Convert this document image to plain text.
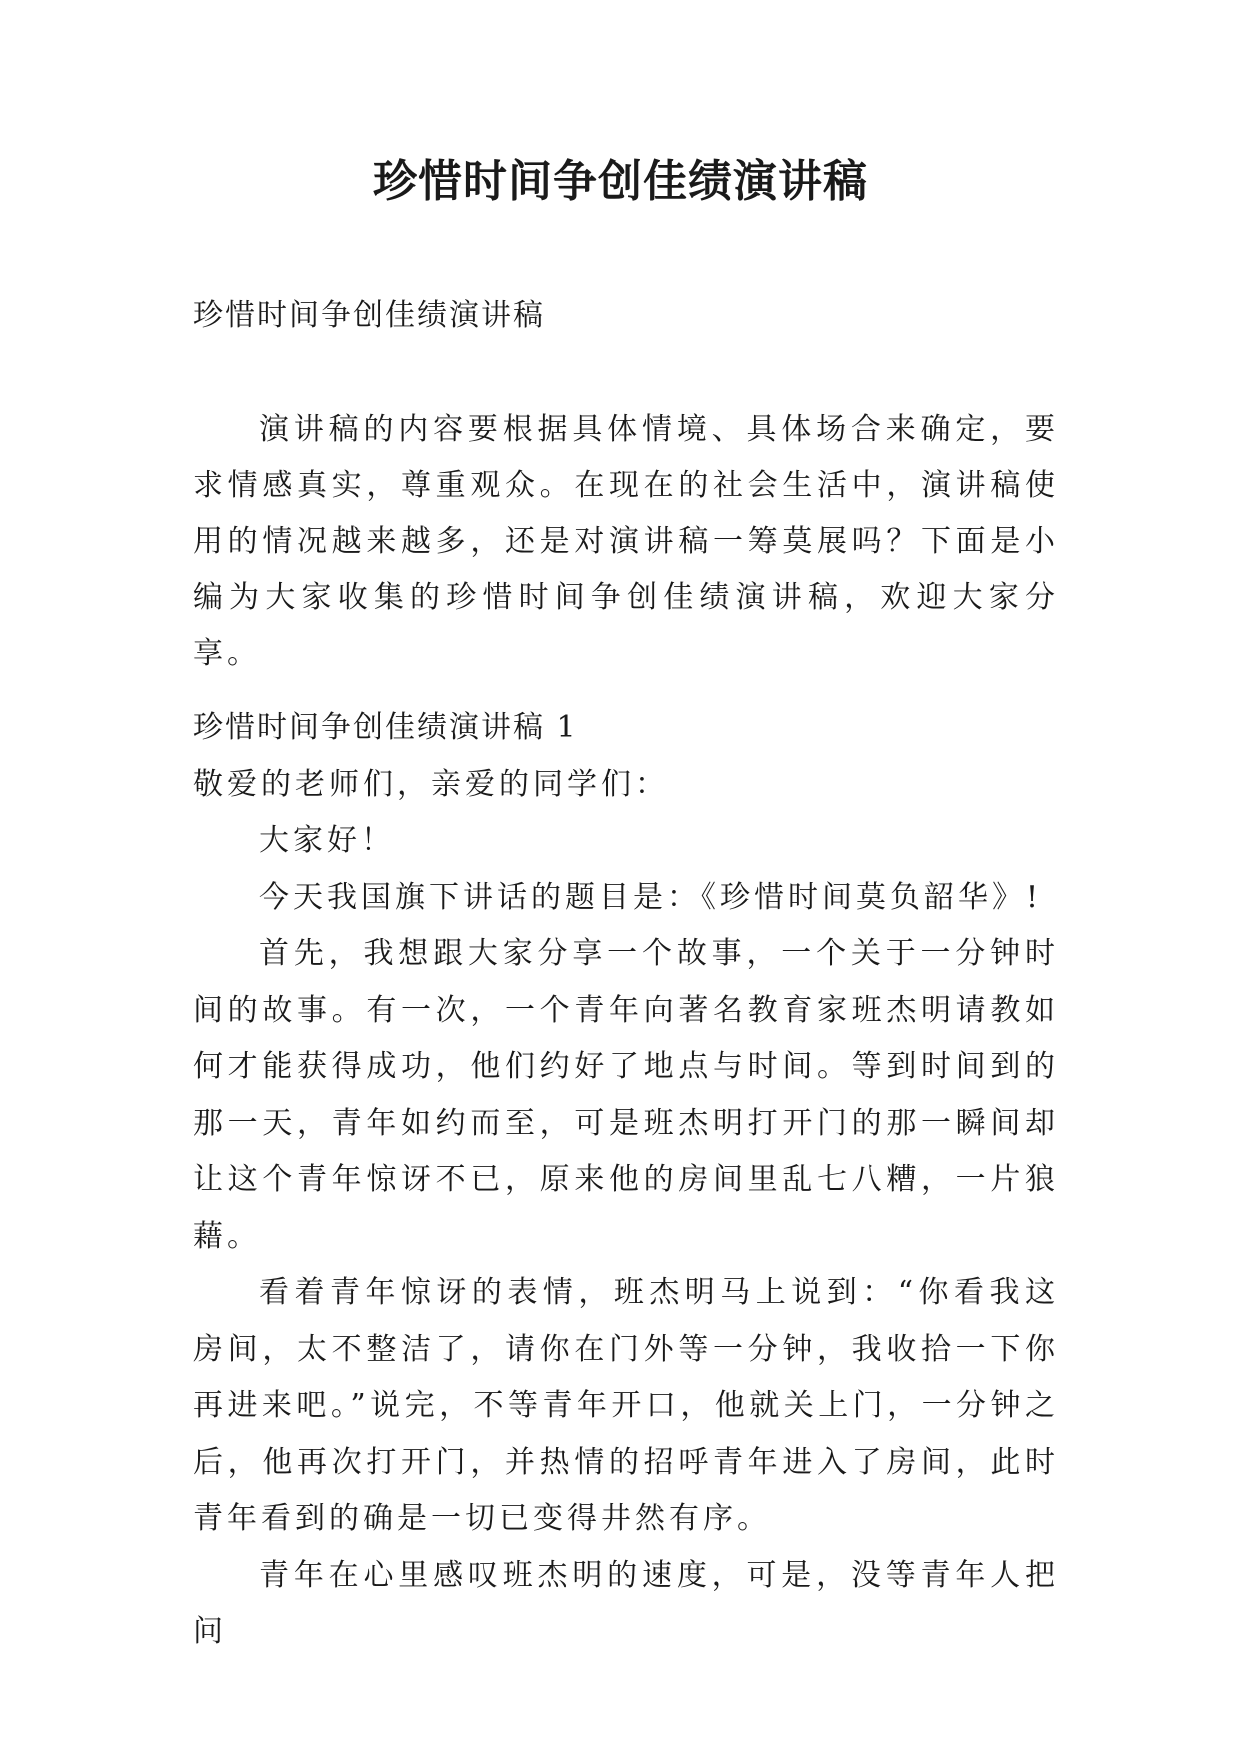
珍惜时间争创佳绩演讲稿

珍惜时间争创佳绩演讲稿

演讲稿的内容要根据具体情境、具体场合来确定，要求情感真实，尊重观众。在现在的社会生活中，演讲稿使用的情况越来越多，还是对演讲稿一筹莫展吗？下面是小编为大家收集的珍惜时间争创佳绩演讲稿，欢迎大家分享。

珍惜时间争创佳绩演讲稿 1

敬爱的老师们，亲爱的同学们：

大家好！

今天我国旗下讲话的题目是：《珍惜时间莫负韶华》!

首先，我想跟大家分享一个故事，一个关于一分钟时间的故事。有一次，一个青年向著名教育家班杰明请教如何才能获得成功，他们约好了地点与时间。等到时间到的那一天，青年如约而至，可是班杰明打开门的那一瞬间却让这个青年惊讶不已，原来他的房间里乱七八糟，一片狼藉。

看着青年惊讶的表情，班杰明马上说到：“你看我这房间，太不整洁了，请你在门外等一分钟，我收拾一下你再进来吧。”说完，不等青年开口，他就关上门，一分钟之后，他再次打开门，并热情的招呼青年进入了房间，此时青年看到的确是一切已变得井然有序。

青年在心里感叹班杰明的速度，可是，没等青年人把问
